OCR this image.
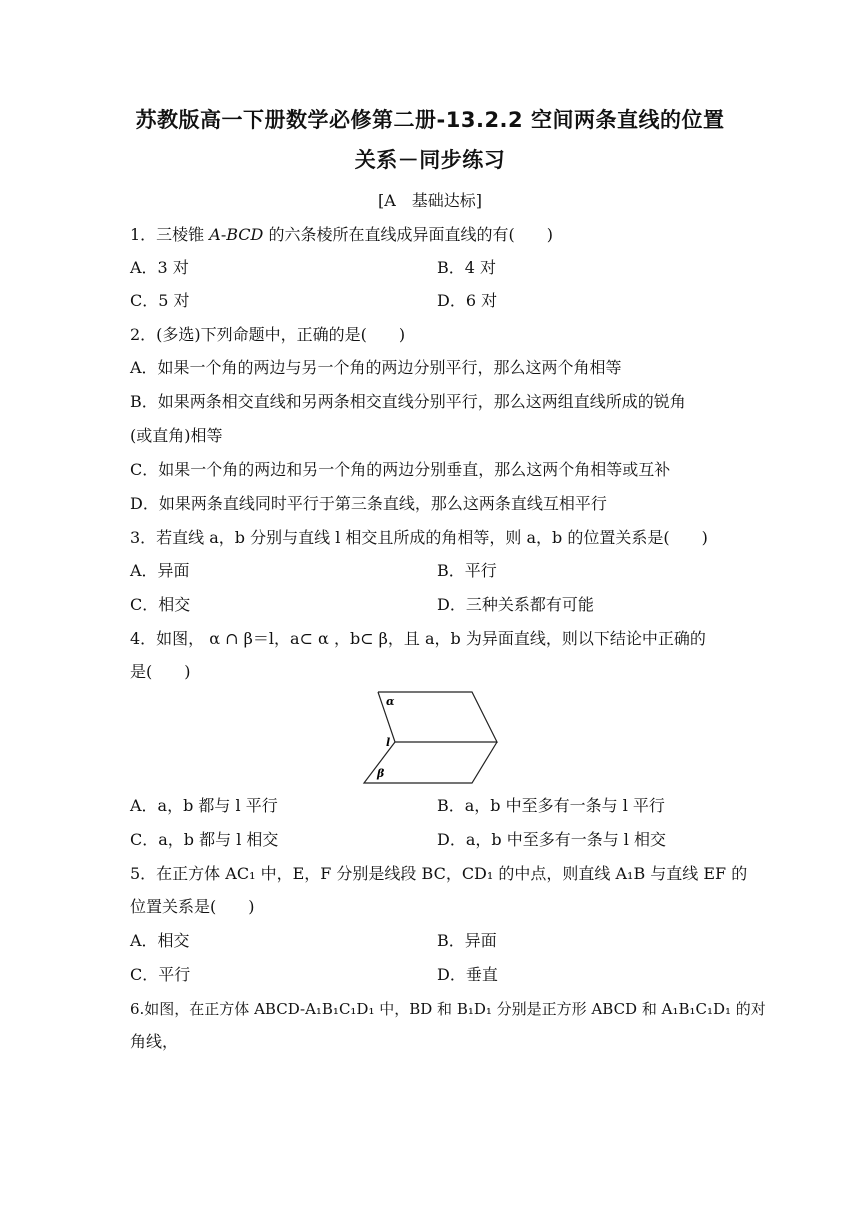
苏教版高一下册数学必修第二册-13.2.2 空间两条直线的位置
关系－同步练习
[A　基础达标]
1．三棱锥 A-BCD 的六条棱所在直线成异面直线的有(　　)
A．3 对	B．4 对
C．5 对	D．6 对
2．(多选)下列命题中，正确的是(　　)
A．如果一个角的两边与另一个角的两边分别平行，那么这两个角相等
B．如果两条相交直线和另两条相交直线分别平行，那么这两组直线所成的锐角
(或直角)相等
C．如果一个角的两边和另一个角的两边分别垂直，那么这两个角相等或互补
D．如果两条直线同时平行于第三条直线，那么这两条直线互相平行
3．若直线 a，b 分别与直线 l 相交且所成的角相等，则 a，b 的位置关系是(　　)
A．异面	B．平行
C．相交	D．三种关系都有可能
4．如图， α ∩ β＝l，a⊂ α ，b⊂ β，且 a，b 为异面直线，则以下结论中正确的
是(　　)
α
l
β
A．a，b 都与 l 平行	B．a，b 中至多有一条与 l 平行
C．a，b 都与 l 相交	D．a，b 中至多有一条与 l 相交
5．在正方体 AC₁ 中，E，F 分别是线段 BC，CD₁ 的中点，则直线 A₁B 与直线 EF 的
位置关系是(　　)
A．相交	B．异面
C．平行	D．垂直
6.如图，在正方体 ABCD-A₁B₁C₁D₁ 中，BD 和 B₁D₁ 分别是正方形 ABCD 和 A₁B₁C₁D₁ 的对
角线，
